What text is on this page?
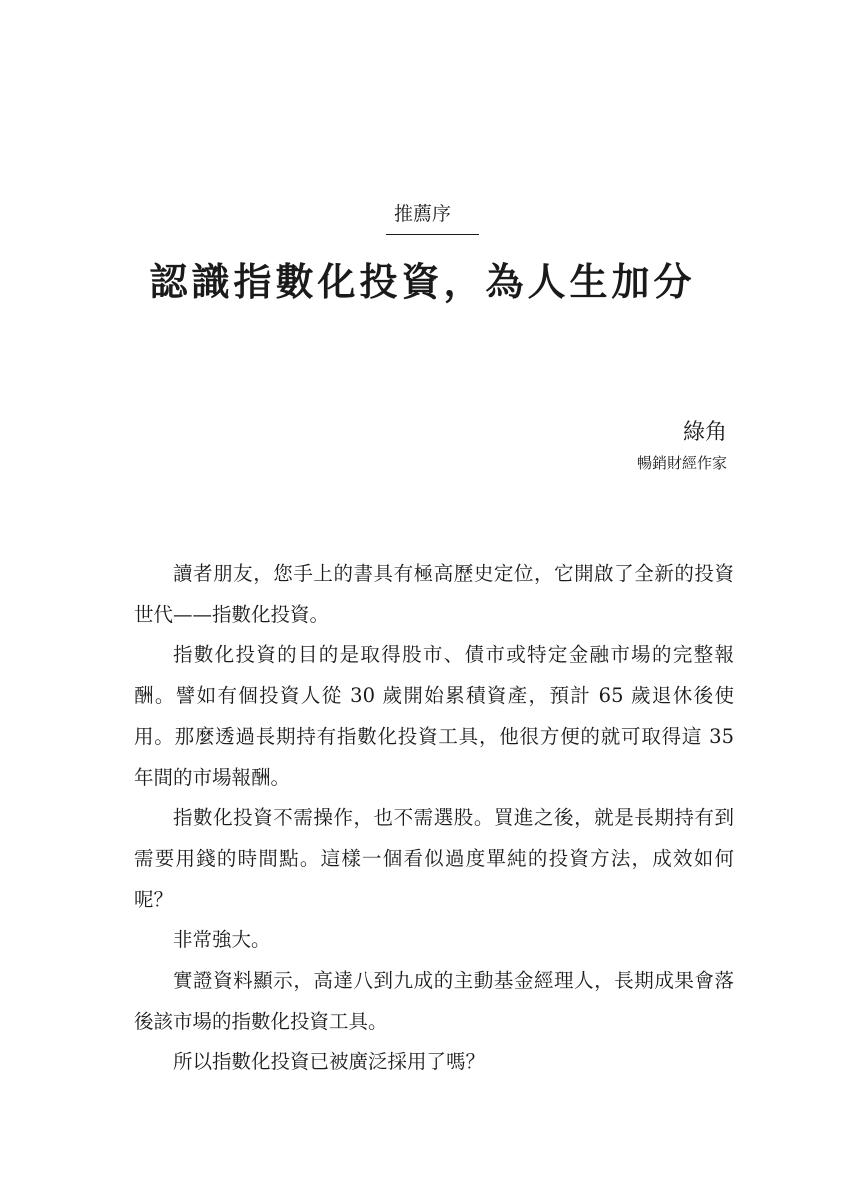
推薦序
認識指數化投資，為人生加分
綠角
暢銷財經作家

讀者朋友，您手上的書具有極高歷史定位，它開啟了全新的投資世代——指數化投資。

指數化投資的目的是取得股市、債市或特定金融市場的完整報酬。譬如有個投資人從 30 歲開始累積資產，預計 65 歲退休後使用。那麼透過長期持有指數化投資工具，他很方便的就可取得這 35 年間的市場報酬。

指數化投資不需操作，也不需選股。買進之後，就是長期持有到需要用錢的時間點。這樣一個看似過度單純的投資方法，成效如何呢？

非常強大。

實證資料顯示，高達八到九成的主動基金經理人，長期成果會落後該市場的指數化投資工具。

所以指數化投資已被廣泛採用了嗎？
